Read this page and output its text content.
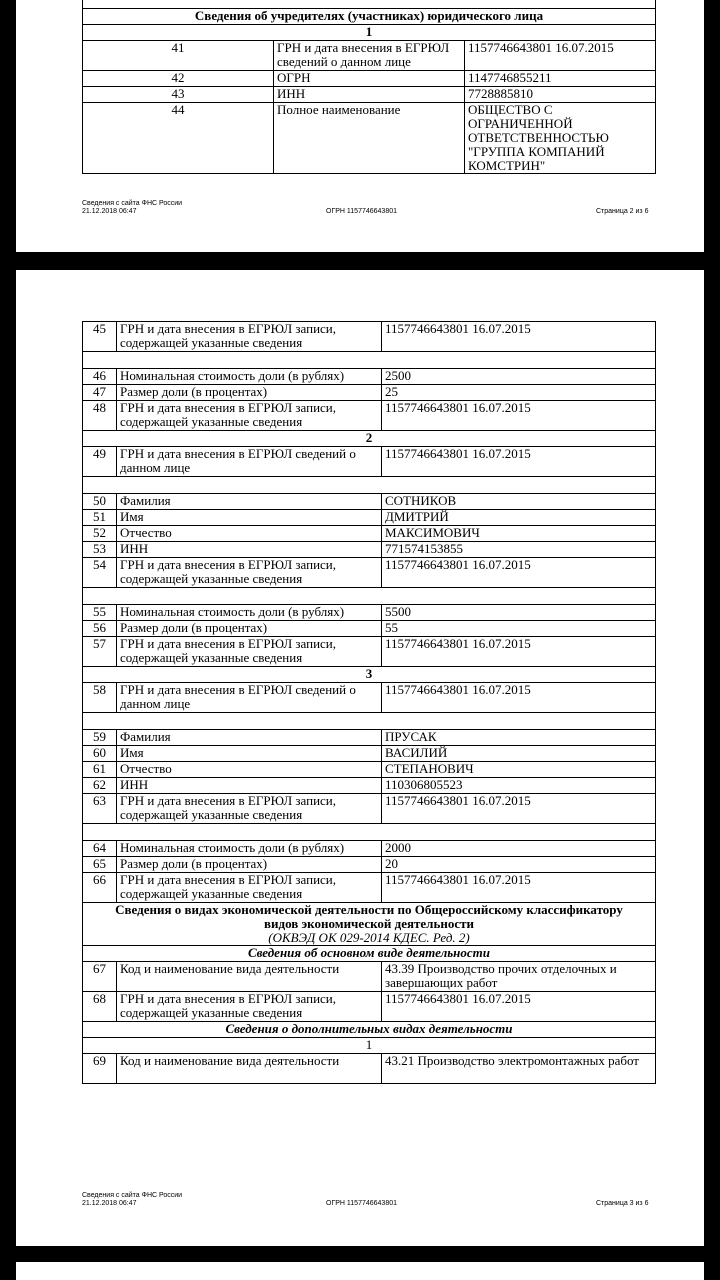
Сведения об учредителях (участниках) юридического лица		
1		
41	ГРН и дата внесения в ЕГРЮЛ сведений о данном лице	1157746643801 16.07.2015
42	ОГРН	1147746855211
43	ИНН	7728885810
44	Полное наименование	ОБЩЕСТВО С ОГРАНИЧЕННОЙ ОТВЕТСТВЕННОСТЬЮ "ГРУППА КОМПАНИЙ КОМСТРИН"
Сведения с сайта ФНС России
21.12.2018 06:47	ОГРН 1157746643801	Страница 2 из 6
45	ГРН и дата внесения в ЕГРЮЛ записи, содержащей указанные сведения	1157746643801 16.07.2015

46	Номинальная стоимость доли (в рублях)	2500
47	Размер доли (в процентах)	25
48	ГРН и дата внесения в ЕГРЮЛ записи, содержащей указанные сведения	1157746643801 16.07.2015
2		
49	ГРН и дата внесения в ЕГРЮЛ сведений о данном лице	1157746643801 16.07.2015

50	Фамилия	СОТНИКОВ
51	Имя	ДМИТРИЙ
52	Отчество	МАКСИМОВИЧ
53	ИНН	771574153855
54	ГРН и дата внесения в ЕГРЮЛ записи, содержащей указанные сведения	1157746643801 16.07.2015

55	Номинальная стоимость доли (в рублях)	5500
56	Размер доли (в процентах)	55
57	ГРН и дата внесения в ЕГРЮЛ записи, содержащей указанные сведения	1157746643801 16.07.2015
3		
58	ГРН и дата внесения в ЕГРЮЛ сведений о данном лице	1157746643801 16.07.2015

59	Фамилия	ПРУСАК
60	Имя	ВАСИЛИЙ
61	Отчество	СТЕПАНОВИЧ
62	ИНН	110306805523
63	ГРН и дата внесения в ЕГРЮЛ записи, содержащей указанные сведения	1157746643801 16.07.2015

64	Номинальная стоимость доли (в рублях)	2000
65	Размер доли (в процентах)	20
66	ГРН и дата внесения в ЕГРЮЛ записи, содержащей указанные сведения	1157746643801 16.07.2015

Сведения о видах экономической деятельности по Общероссийскому классификатору видов экономической деятельности
(ОКВЭД ОК 029-2014 КДЕС. Ред. 2)		

Сведения об основном виде деятельности		
67	Код и наименование вида деятельности	43.39 Производство прочих отделочных и завершающих работ
68	ГРН и дата внесения в ЕГРЮЛ записи, содержащей указанные сведения	1157746643801 16.07.2015
Сведения о дополнительных видах деятельности		
1		
69	Код и наименование вида деятельности	43.21 Производство электромонтажных работ
Сведения с сайта ФНС России
21.12.2018 06:47	ОГРН 1157746643801	Страница 3 из 6
